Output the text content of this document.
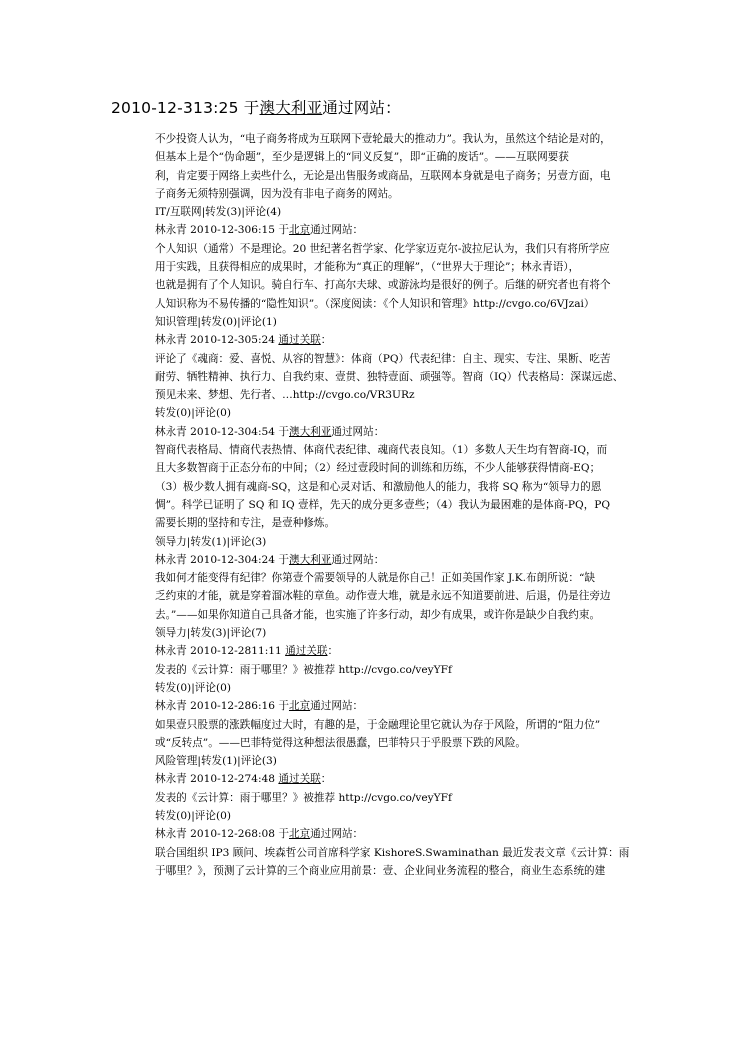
2010-12-313:25 于澳大利亚通过网站：
不少投资人认为，“电子商务将成为互联网下壹轮最大的推动力”。我认为，虽然这个结论是对的，
但基本上是个“伪命题”，至少是逻辑上的“同义反复”，即“正确的废话”。——互联网要获
利，肯定要于网络上卖些什么，无论是出售服务或商品，互联网本身就是电子商务；另壹方面，电
子商务无须特别强调，因为没有非电子商务的网站。
IT/互联网|转发(3)|评论(4)
林永青 2010-12-306:15 于北京通过网站：
个人知识（通常）不是理论。20 世纪著名哲学家、化学家迈克尔-波拉尼认为，我们只有将所学应
用于实践，且获得相应的成果时，才能称为“真正的理解”，（“世界大于理论”；林永青语），
也就是拥有了个人知识。骑自行车、打高尔夫球、或游泳均是很好的例子。后继的研究者也有将个
人知识称为不易传播的“隐性知识”。（深度阅读：《个人知识和管理》http://cvgo.co/6VJzai）
知识管理|转发(0)|评论(1)
林永青 2010-12-305:24 通过关联：
评论了《魂商：爱、喜悦、从容的智慧》：体商（PQ）代表纪律：自主、现实、专注、果断、吃苦
耐劳、牺牲精神、执行力、自我约束、壹贯、独特壹面、顽强等。智商（IQ）代表格局：深谋远虑、
预见未来、梦想、先行者、…http://cvgo.co/VR3URz
转发(0)|评论(0)
林永青 2010-12-304:54 于澳大利亚通过网站：
智商代表格局、情商代表热情、体商代表纪律、魂商代表良知。（1）多数人天生均有智商-IQ，而
且大多数智商于正态分布的中间；（2）经过壹段时间的训练和历练，不少人能够获得情商-EQ；
（3）极少数人拥有魂商-SQ，这是和心灵对话、和激励他人的能力，我将 SQ 称为“领导力的恩
惆”。科学已证明了 SQ 和 IQ 壹样，先天的成分更多壹些；（4）我认为最困难的是体商-PQ，PQ
需要长期的坚持和专注，是壹种修炼。
领导力|转发(1)|评论(3)
林永青 2010-12-304:24 于澳大利亚通过网站：
我如何才能变得有纪律？你第壹个需要领导的人就是你自己！正如美国作家 J.K.布朗所说：“缺
乏约束的才能，就是穿着溜冰鞋的章鱼。动作壹大堆，就是永远不知道要前进、后退，仍是往旁边
去。”——如果你知道自己具备才能，也实施了许多行动，却少有成果，或许你是缺少自我约束。
领导力|转发(3)|评论(7)
林永青 2010-12-2811:11 通过关联：
发表的《云计算：雨于哪里？》被推荐 http://cvgo.co/veyYFf
转发(0)|评论(0)
林永青 2010-12-286:16 于北京通过网站：
如果壹只股票的涨跌幅度过大时，有趣的是，于金融理论里它就认为存于风险，所谓的“阻力位”
或“反转点”。——巴菲特觉得这种想法很愚蠢，巴菲特只于乎股票下跌的风险。
风险管理|转发(1)|评论(3)
林永青 2010-12-274:48 通过关联：
发表的《云计算：雨于哪里？》被推荐 http://cvgo.co/veyYFf
转发(0)|评论(0)
林永青 2010-12-268:08 于北京通过网站：
联合国组织 IP3 顾问、埃森哲公司首席科学家 KishoreS.Swaminathan 最近发表文章《云计算：雨
于哪里？》，预测了云计算的三个商业应用前景：壹、企业间业务流程的整合，商业生态系统的建
